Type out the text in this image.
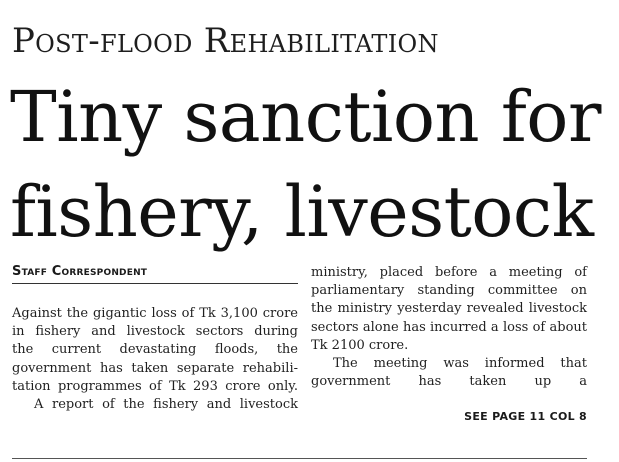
Post-flood Rehabilitation
Tiny sanction for
fishery, livestock
Staff Correspondent

Against the gigantic loss of Tk 3,100 crore
in fishery and livestock sectors during
the current devastating floods, the
government has taken separate rehabili-
tation programmes of Tk 293 crore only.

A report of the fishery and livestock

ministry, placed before a meeting of
parliamentary standing committee on
the ministry yesterday revealed livestock
sectors alone has incurred a loss of about
Tk 2100 crore.

The meeting was informed that
government has taken up a

SEE PAGE 11 COL 8
